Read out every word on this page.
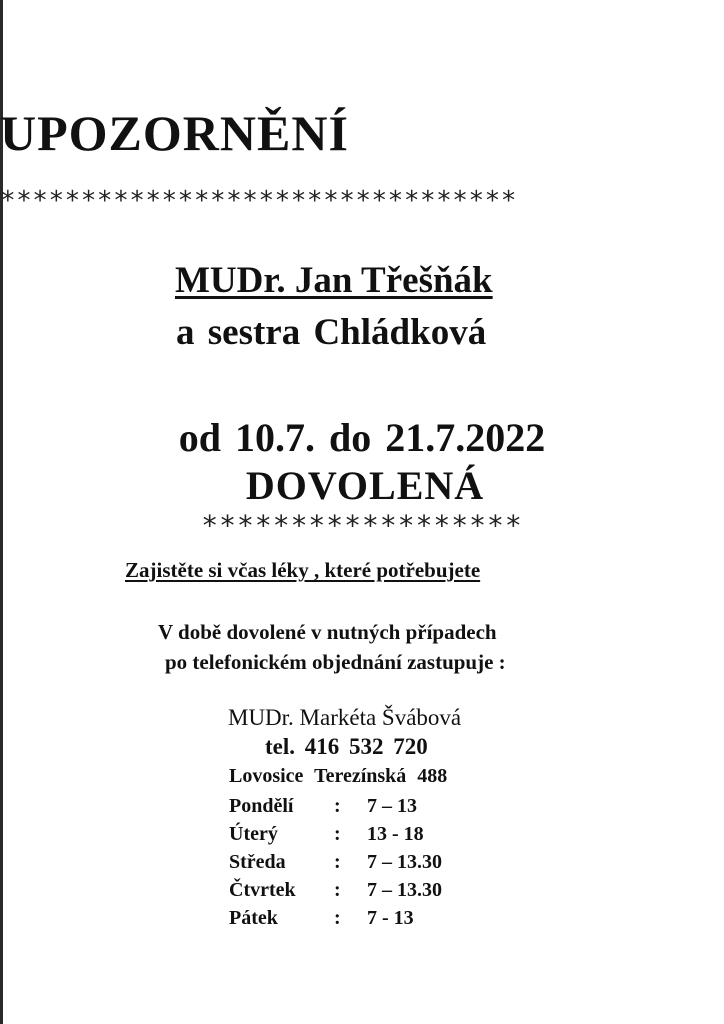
UPOZORNĚNÍ
********************************
MUDr. Jan Třešňák
a sestra Chládková
od 10.7. do 21.7.2022
DOVOLENÁ
******************
Zajistěte si včas léky , které potřebujete
V době dovolené v nutných případech
po telefonickém objednání zastupuje :
MUDr. Markéta Švábová
tel. 416 532 720
Lovosice Terezínská 488
Pondělí : 7 – 13
Úterý	: 13 - 18
Středa : 7 – 13.30
Čtvrtek : 7 – 13.30
Pátek	: 7 - 13
